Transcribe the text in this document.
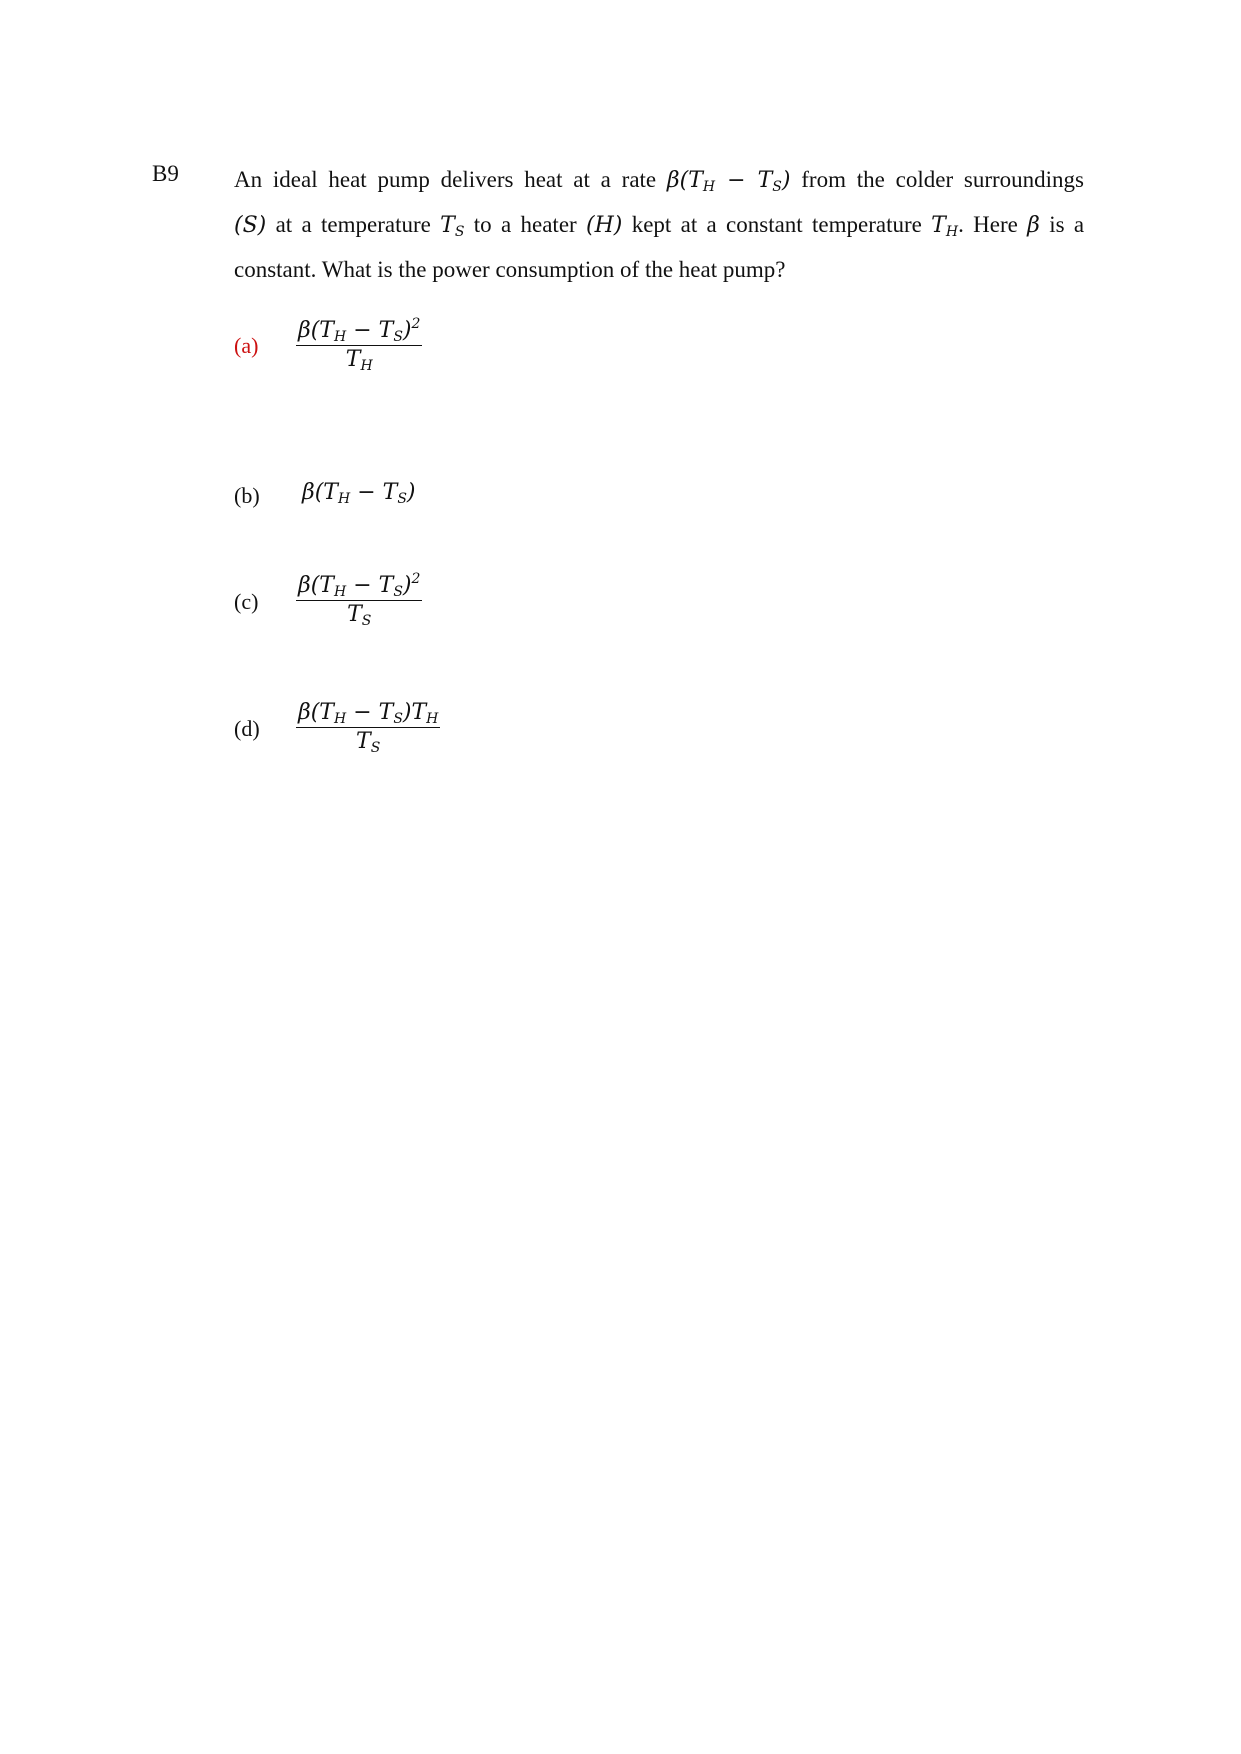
B9 An ideal heat pump delivers heat at a rate $\beta(T_H - T_S)$ from the colder surroundings
(S) at a temperature $T_S$ to a heater (H) kept at a constant temperature $T_H$. Here β is a
constant. What is the power consumption of the heat pump?
$(a) \frac{\beta(T_H - T_S)^2}{T_H}$
(b) $\beta(T_H - T_S)$
$(c) \frac{\beta(T_H - T_S)^2}{T_S}$
$(d) \frac{\beta(T_H - T_S)T_H}{T_S}$
